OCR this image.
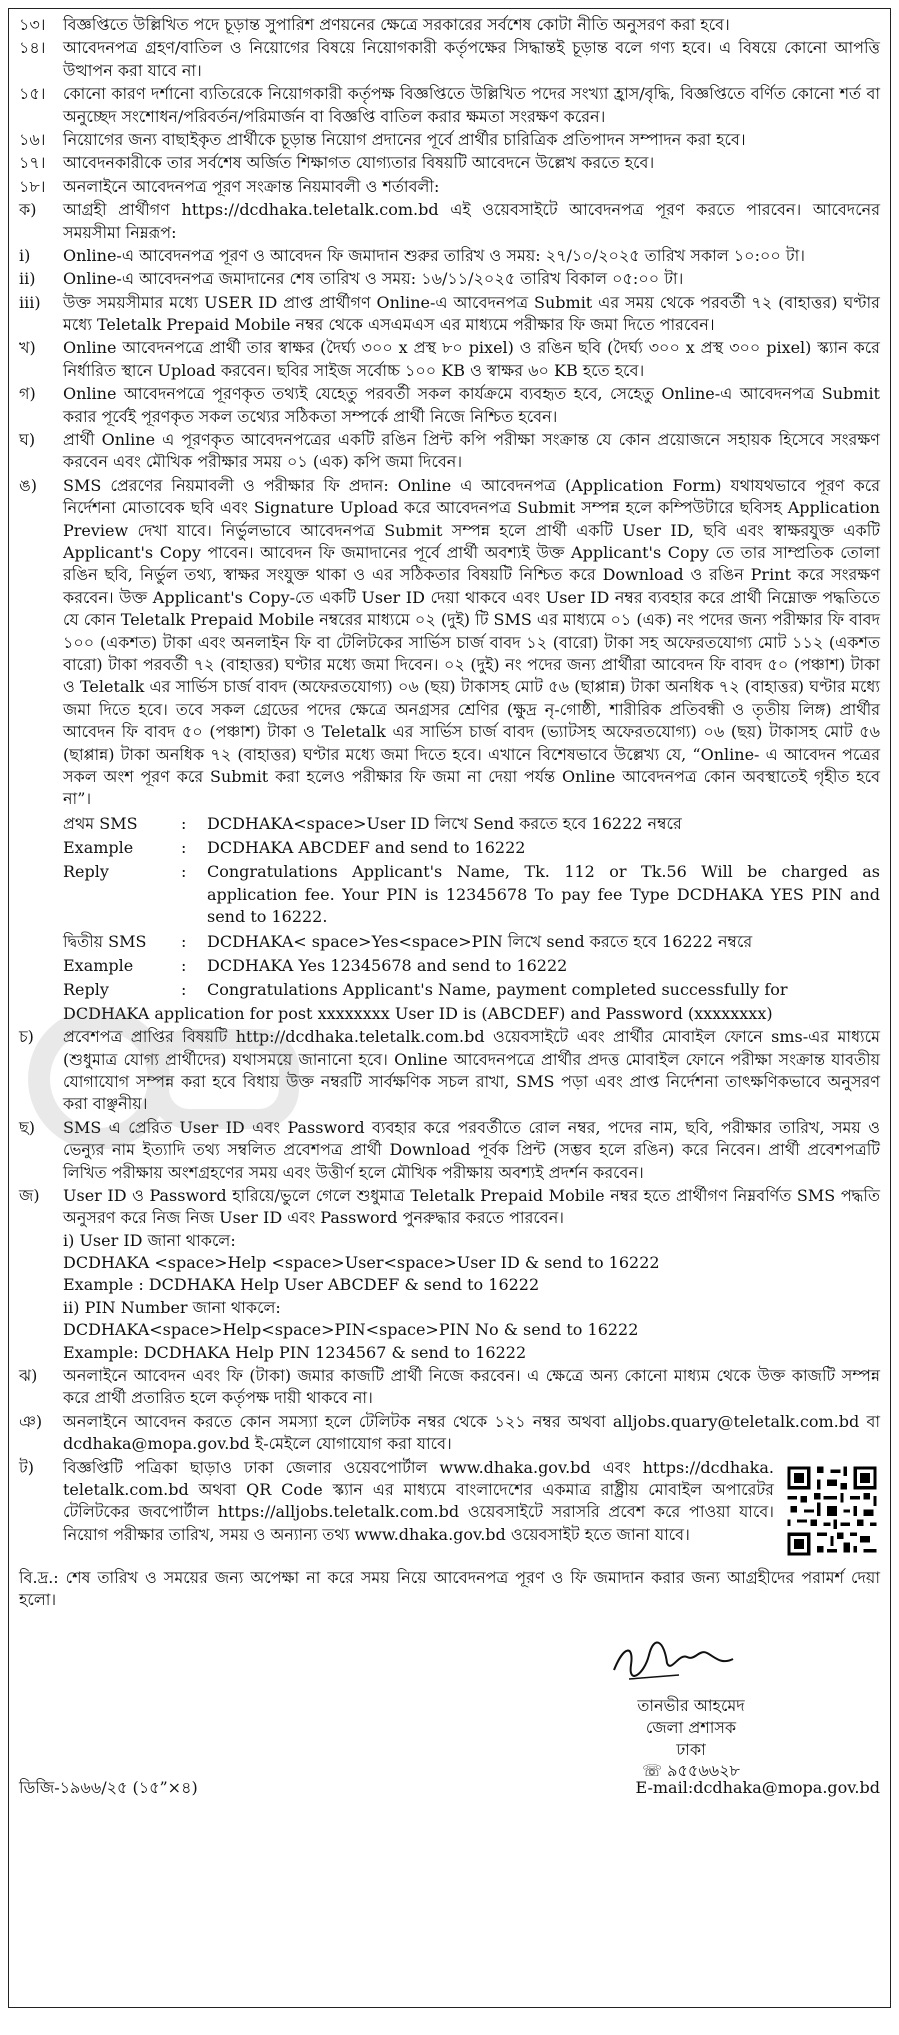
১৩।	বিজ্ঞপ্তিতে উল্লিখিত পদে চূড়ান্ত সুপারিশ প্রণয়নের ক্ষেত্রে সরকারের সর্বশেষ কোটা নীতি অনুসরণ করা হবে।
১৪।	আবেদনপত্র গ্রহণ/বাতিল ও নিয়োগের বিষয়ে নিয়োগকারী কর্তৃপক্ষের সিদ্ধান্তই চূড়ান্ত বলে গণ্য হবে। এ বিষয়ে কোনো আপত্তি উত্থাপন করা যাবে না।
১৫।	কোনো কারণ দর্শানো ব্যতিরেকে নিয়োগকারী কর্তৃপক্ষ বিজ্ঞপ্তিতে উল্লিখিত পদের সংখ্যা হ্রাস/বৃদ্ধি, বিজ্ঞপ্তিতে বর্ণিত কোনো শর্ত বা অনুচ্ছেদ সংশোধন/পরিবর্তন/পরিমার্জন বা বিজ্ঞপ্তি বাতিল করার ক্ষমতা সংরক্ষণ করেন।
১৬।	নিয়োগের জন্য বাছাইকৃত প্রার্থীকে চূড়ান্ত নিয়োগ প্রদানের পূর্বে প্রার্থীর চারিত্রিক প্রতিপাদন সম্পাদন করা হবে।
১৭।	আবেদনকারীকে তার সর্বশেষ অর্জিত শিক্ষাগত যোগ্যতার বিষয়টি আবেদনে উল্লেখ করতে হবে।
১৮।	অনলাইনে আবেদনপত্র পূরণ সংক্রান্ত নিয়মাবলী ও শর্তাবলী:
ক)	আগ্রহী প্রার্থীগণ https://dcdhaka.teletalk.com.bd এই ওয়েবসাইটে আবেদনপত্র পূরণ করতে পারবেন। আবেদনের সময়সীমা নিম্নরূপ:
i)	Online-এ আবেদনপত্র পূরণ ও আবেদন ফি জমাদান শুরুর তারিখ ও সময়: ২৭/১০/২০২৫ তারিখ সকাল ১০:০০ টা।
ii)	Online-এ আবেদনপত্র জমাদানের শেষ তারিখ ও সময়: ১৬/১১/২০২৫ তারিখ বিকাল ০৫:০০ টা।
iii)	উক্ত সময়সীমার মধ্যে USER ID প্রাপ্ত প্রার্থীগণ Online-এ আবেদনপত্র Submit এর সময় থেকে পরবর্তী ৭২ (বাহাত্তর) ঘণ্টার মধ্যে Teletalk Prepaid Mobile নম্বর থেকে এসএমএস এর মাধ্যমে পরীক্ষার ফি জমা দিতে পারবেন।
খ)	Online আবেদনপত্রে প্রার্থী তার স্বাক্ষর (দৈর্ঘ্য ৩০০ x প্রস্থ ৮০ pixel) ও রঙিন ছবি (দৈর্ঘ্য ৩০০ x প্রস্থ ৩০০ pixel) স্ক্যান করে নির্ধারিত স্থানে Upload করবেন। ছবির সাইজ সর্বোচ্চ ১০০ KB ও স্বাক্ষর ৬০ KB হতে হবে।
গ)	Online আবেদনপত্রে পূরণকৃত তথ্যই যেহেতু পরবর্তী সকল কার্যক্রমে ব্যবহৃত হবে, সেহেতু Online-এ আবেদনপত্র Submit করার পূর্বেই পূরণকৃত সকল তথ্যের সঠিকতা সম্পর্কে প্রার্থী নিজে নিশ্চিত হবেন।
ঘ)	প্রার্থী Online এ পূরণকৃত আবেদনপত্রের একটি রঙিন প্রিন্ট কপি পরীক্ষা সংক্রান্ত যে কোন প্রয়োজনে সহায়ক হিসেবে সংরক্ষণ করবেন এবং মৌখিক পরীক্ষার সময় ০১ (এক) কপি জমা দিবেন।
ঙ)	SMS প্রেরণের নিয়মাবলী ও পরীক্ষার ফি প্রদান: Online এ আবেদনপত্র (Application Form) যথাযথভাবে পূরণ করে নির্দেশনা মোতাবেক ছবি এবং Signature Upload করে আবেদনপত্র Submit সম্পন্ন হলে কম্পিউটারে ছবিসহ Application Preview দেখা যাবে। নির্ভুলভাবে আবেদনপত্র Submit সম্পন্ন হলে প্রার্থী একটি User ID, ছবি এবং স্বাক্ষরযুক্ত একটি Applicant's Copy পাবেন। আবেদন ফি জমাদানের পূর্বে প্রার্থী অবশ্যই উক্ত Applicant's Copy তে তার সাম্প্রতিক তোলা রঙিন ছবি, নির্ভুল তথ্য, স্বাক্ষর সংযুক্ত থাকা ও এর সঠিকতার বিষয়টি নিশ্চিত করে Download ও রঙিন Print করে সংরক্ষণ করবেন। উক্ত Applicant's Copy-তে একটি User ID দেয়া থাকবে এবং User ID নম্বর ব্যবহার করে প্রার্থী নিম্নোক্ত পদ্ধতিতে যে কোন Teletalk Prepaid Mobile নম্বরের মাধ্যমে ০২ (দুই) টি SMS এর মাধ্যমে ০১ (এক) নং পদের জন্য পরীক্ষার ফি বাবদ ১০০ (একশত) টাকা এবং অনলাইন ফি বা টেলিটকের সার্ভিস চার্জ বাবদ ১২ (বারো) টাকা সহ অফেরতযোগ্য মোট ১১২ (একশত বারো) টাকা পরবর্তী ৭২ (বাহাত্তর) ঘণ্টার মধ্যে জমা দিবেন। ০২ (দুই) নং পদের জন্য প্রার্থীরা আবেদন ফি বাবদ ৫০ (পঞ্চাশ) টাকা ও Teletalk এর সার্ভিস চার্জ বাবদ (অফেরতযোগ্য) ০৬ (ছয়) টাকাসহ মোট ৫৬ (ছাপ্পান্ন) টাকা অনধিক ৭২ (বাহাত্তর) ঘণ্টার মধ্যে জমা দিতে হবে। তবে সকল গ্রেডের পদের ক্ষেত্রে অনগ্রসর শ্রেণির (ক্ষুদ্র নৃ-গোষ্ঠী, শারীরিক প্রতিবন্ধী ও তৃতীয় লিঙ্গ) প্রার্থীর আবেদন ফি বাবদ ৫০ (পঞ্চাশ) টাকা ও Teletalk এর সার্ভিস চার্জ বাবদ (ভ্যাটসহ অফেরতযোগ্য) ০৬ (ছয়) টাকাসহ মোট ৫৬ (ছাপ্পান্ন) টাকা অনধিক ৭২ (বাহাত্তর) ঘণ্টার মধ্যে জমা দিতে হবে। এখানে বিশেষভাবে উল্লেখ্য যে, “Online- এ আবেদন পত্রের সকল অংশ পূরণ করে Submit করা হলেও পরীক্ষার ফি জমা না দেয়া পর্যন্ত Online আবেদনপত্র কোন অবস্থাতেই গৃহীত হবে না”।
প্রথম SMS	:	DCDHAKA<space>User ID লিখে Send করতে হবে 16222 নম্বরে
Example	:	DCDHAKA ABCDEF and send to 16222
Reply	:	Congratulations Applicant's Name, Tk. 112 or Tk.56 Will be charged as application fee. Your PIN is 12345678 To pay fee Type DCDHAKA YES PIN and send to 16222.
দ্বিতীয় SMS	:	DCDHAKA< space>Yes<space>PIN লিখে send করতে হবে 16222 নম্বরে
Example	:	DCDHAKA Yes 12345678 and send to 16222
Reply	:	Congratulations Applicant's Name, payment completed successfully for
DCDHAKA application for post xxxxxxxx User ID is (ABCDEF) and Password (xxxxxxxx)
চ)	প্রবেশপত্র প্রাপ্তির বিষয়টি http://dcdhaka.teletalk.com.bd ওয়েবসাইটে এবং প্রার্থীর মোবাইল ফোনে sms-এর মাধ্যমে (শুধুমাত্র যোগ্য প্রার্থীদের) যথাসময়ে জানানো হবে। Online আবেদনপত্রে প্রার্থীর প্রদত্ত মোবাইল ফোনে পরীক্ষা সংক্রান্ত যাবতীয় যোগাযোগ সম্পন্ন করা হবে বিধায় উক্ত নম্বরটি সার্বক্ষণিক সচল রাখা, SMS পড়া এবং প্রাপ্ত নির্দেশনা তাৎক্ষণিকভাবে অনুসরণ করা বাঞ্ছনীয়।
ছ)	SMS এ প্রেরিত User ID এবং Password ব্যবহার করে পরবর্তীতে রোল নম্বর, পদের নাম, ছবি, পরীক্ষার তারিখ, সময় ও ভেন্যুর নাম ইত্যাদি তথ্য সম্বলিত প্রবেশপত্র প্রার্থী Download পূর্বক প্রিন্ট (সম্ভব হলে রঙিন) করে নিবেন। প্রার্থী প্রবেশপত্রটি লিখিত পরীক্ষায় অংশগ্রহণের সময় এবং উত্তীর্ণ হলে মৌখিক পরীক্ষায় অবশ্যই প্রদর্শন করবেন।
জ)	User ID ও Password হারিয়ে/ভুলে গেলে শুধুমাত্র Teletalk Prepaid Mobile নম্বর হতে প্রার্থীগণ নিম্নবর্ণিত SMS পদ্ধতি অনুসরণ করে নিজ নিজ User ID এবং Password পুনরুদ্ধার করতে পারবেন।
i) User ID জানা থাকলে:
DCDHAKA <space>Help <space>User<space>User ID & send to 16222
Example : DCDHAKA Help User ABCDEF & send to 16222
ii) PIN Number জানা থাকলে:
DCDHAKA<space>Help<space>PIN<space>PIN No & send to 16222
Example: DCDHAKA Help PIN 1234567 & send to 16222
ঝ)	অনলাইনে আবেদন এবং ফি (টাকা) জমার কাজটি প্রার্থী নিজে করবেন। এ ক্ষেত্রে অন্য কোনো মাধ্যম থেকে উক্ত কাজটি সম্পন্ন করে প্রার্থী প্রতারিত হলে কর্তৃপক্ষ দায়ী থাকবে না।
ঞ)	অনলাইনে আবেদন করতে কোন সমস্যা হলে টেলিটক নম্বর থেকে ১২১ নম্বর অথবা alljobs.quary@teletalk.com.bd বা dcdhaka@mopa.gov.bd ই-মেইলে যোগাযোগ করা যাবে।
ট)	বিজ্ঞপ্তিটি পত্রিকা ছাড়াও ঢাকা জেলার ওয়েবপোর্টাল www.dhaka.gov.bd এবং https://dcdhaka. teletalk.com.bd অথবা QR Code স্ক্যান এর মাধ্যমে বাংলাদেশের একমাত্র রাষ্ট্রীয় মোবাইল অপারেটর টেলিটকের জবপোর্টাল https://alljobs.teletalk.com.bd ওয়েবসাইটে সরাসরি প্রবেশ করে পাওয়া যাবে। নিয়োগ পরীক্ষার তারিখ, সময় ও অন্যান্য তথ্য www.dhaka.gov.bd ওয়েবসাইট হতে জানা যাবে।
বি.দ্র.: শেষ তারিখ ও সময়ের জন্য অপেক্ষা না করে সময় নিয়ে আবেদনপত্র পূরণ ও ফি জমাদান করার জন্য আগ্রহীদের পরামর্শ দেয়া হলো।
তানভীর আহমেদ
জেলা প্রশাসক
ঢাকা
☏ ৯৫৫৬৬২৮
ডিজি-১৯৬৬/২৫ (১৫”×৪)	E-mail:dcdhaka@mopa.gov.bd
